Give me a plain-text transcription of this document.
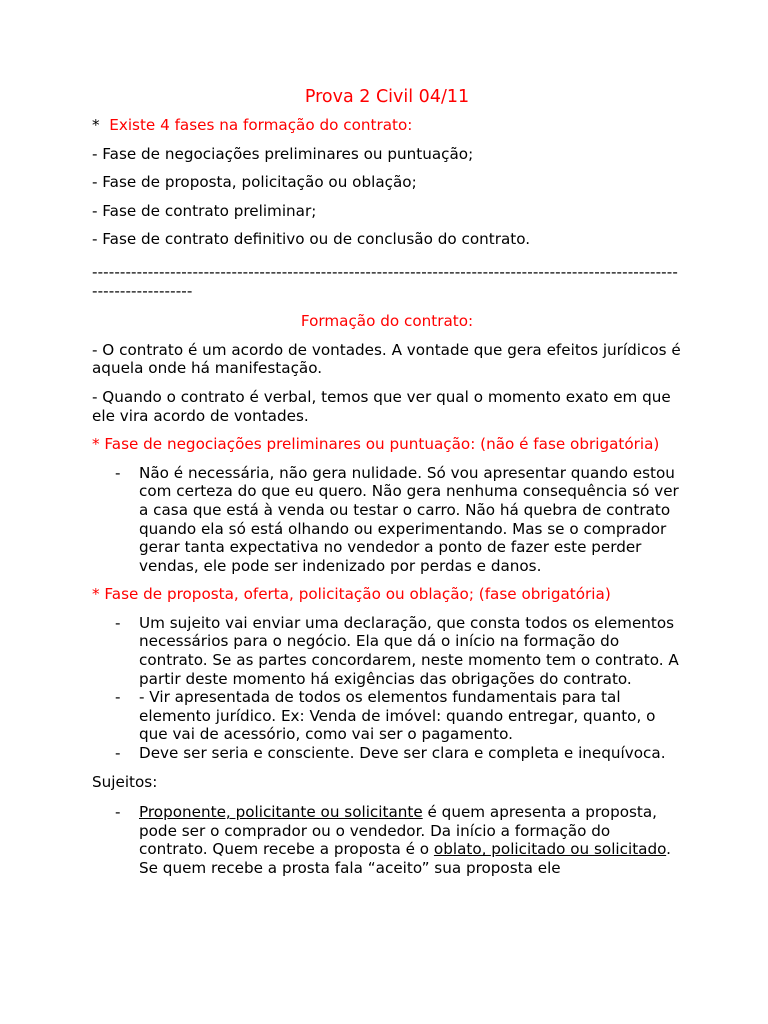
Prova 2 Civil 04/11

* Existe 4 fases na formação do contrato:

- Fase de negociações preliminares ou puntuação;

- Fase de proposta, policitação ou oblação;

- Fase de contrato preliminar;

- Fase de contrato definitivo ou de conclusão do contrato.

---------------------------------------------------------------------------------------------------------------------------

Formação do contrato:

- O contrato é um acordo de vontades. A vontade que gera efeitos jurídicos é aquela onde há manifestação.

- Quando o contrato é verbal, temos que ver qual o momento exato em que ele vira acordo de vontades.

* Fase de negociações preliminares ou puntuação: (não é fase obrigatória)

- Não é necessária, não gera nulidade. Só vou apresentar quando estou com certeza do que eu quero. Não gera nenhuma consequência só ver a casa que está à venda ou testar o carro. Não há quebra de contrato quando ela só está olhando ou experimentando. Mas se o comprador gerar tanta expectativa no vendedor a ponto de fazer este perder vendas, ele pode ser indenizado por perdas e danos.

* Fase de proposta, oferta, policitação ou oblação; (fase obrigatória)

- Um sujeito vai enviar uma declaração, que consta todos os elementos necessários para o negócio. Ela que dá o início na formação do contrato. Se as partes concordarem, neste momento tem o contrato. A partir deste momento há exigências das obrigações do contrato.
- - Vir apresentada de todos os elementos fundamentais para tal elemento jurídico. Ex: Venda de imóvel: quando entregar, quanto, o que vai de acessório, como vai ser o pagamento.
- Deve ser seria e consciente. Deve ser clara e completa e inequívoca.

Sujeitos:

- Proponente, policitante ou solicitante é quem apresenta a proposta, pode ser o comprador ou o vendedor. Da início a formação do contrato. Quem recebe a proposta é o oblato, policitado ou solicitado. Se quem recebe a prosta fala “aceito” sua proposta ele
